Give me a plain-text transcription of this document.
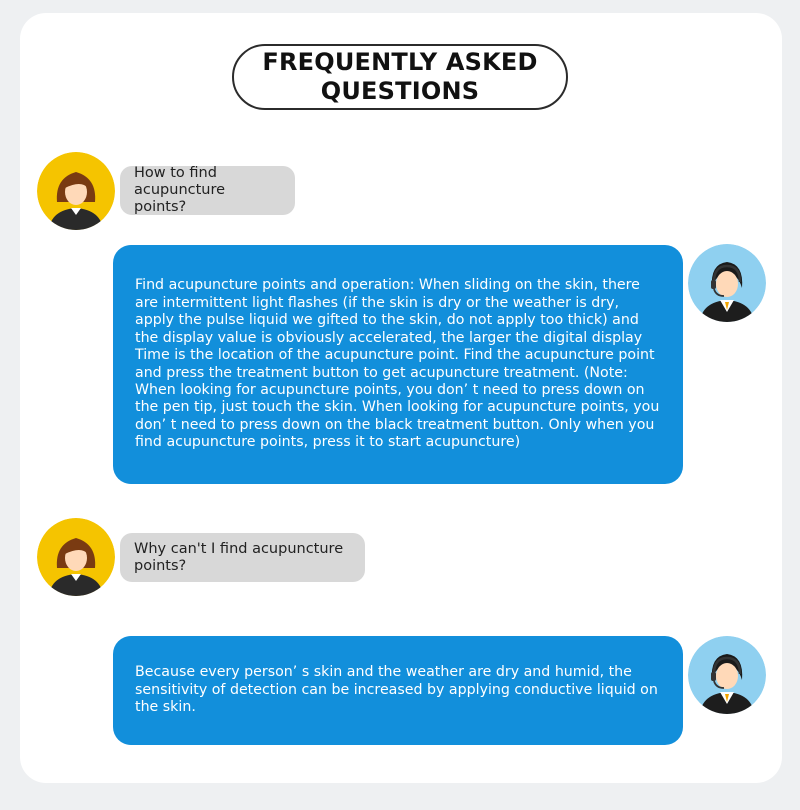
FREQUENTLY ASKED
QUESTIONS
How to find
acupuncture points?
Find acupuncture points and operation: When sliding on the skin, there are intermittent light flashes (if the skin is dry or the weather is dry, apply the pulse liquid we gifted to the skin, do not apply too thick) and the display value is obviously accelerated, the larger the digital display Time is the location of the acupuncture point. Find the acupuncture point and press the treatment button to get acupuncture treatment. (Note: When looking for acupuncture points, you don’ t need to press down on the pen tip, just touch the skin. When looking for acupuncture points, you don’ t need to press down on the black treatment button. Only when you find acupuncture points, press it to start acupuncture)
Why can't I find acupuncture
points?
Because every person’ s skin and the weather are dry and humid, the sensitivity of detection can be increased by applying conductive liquid on the skin.
